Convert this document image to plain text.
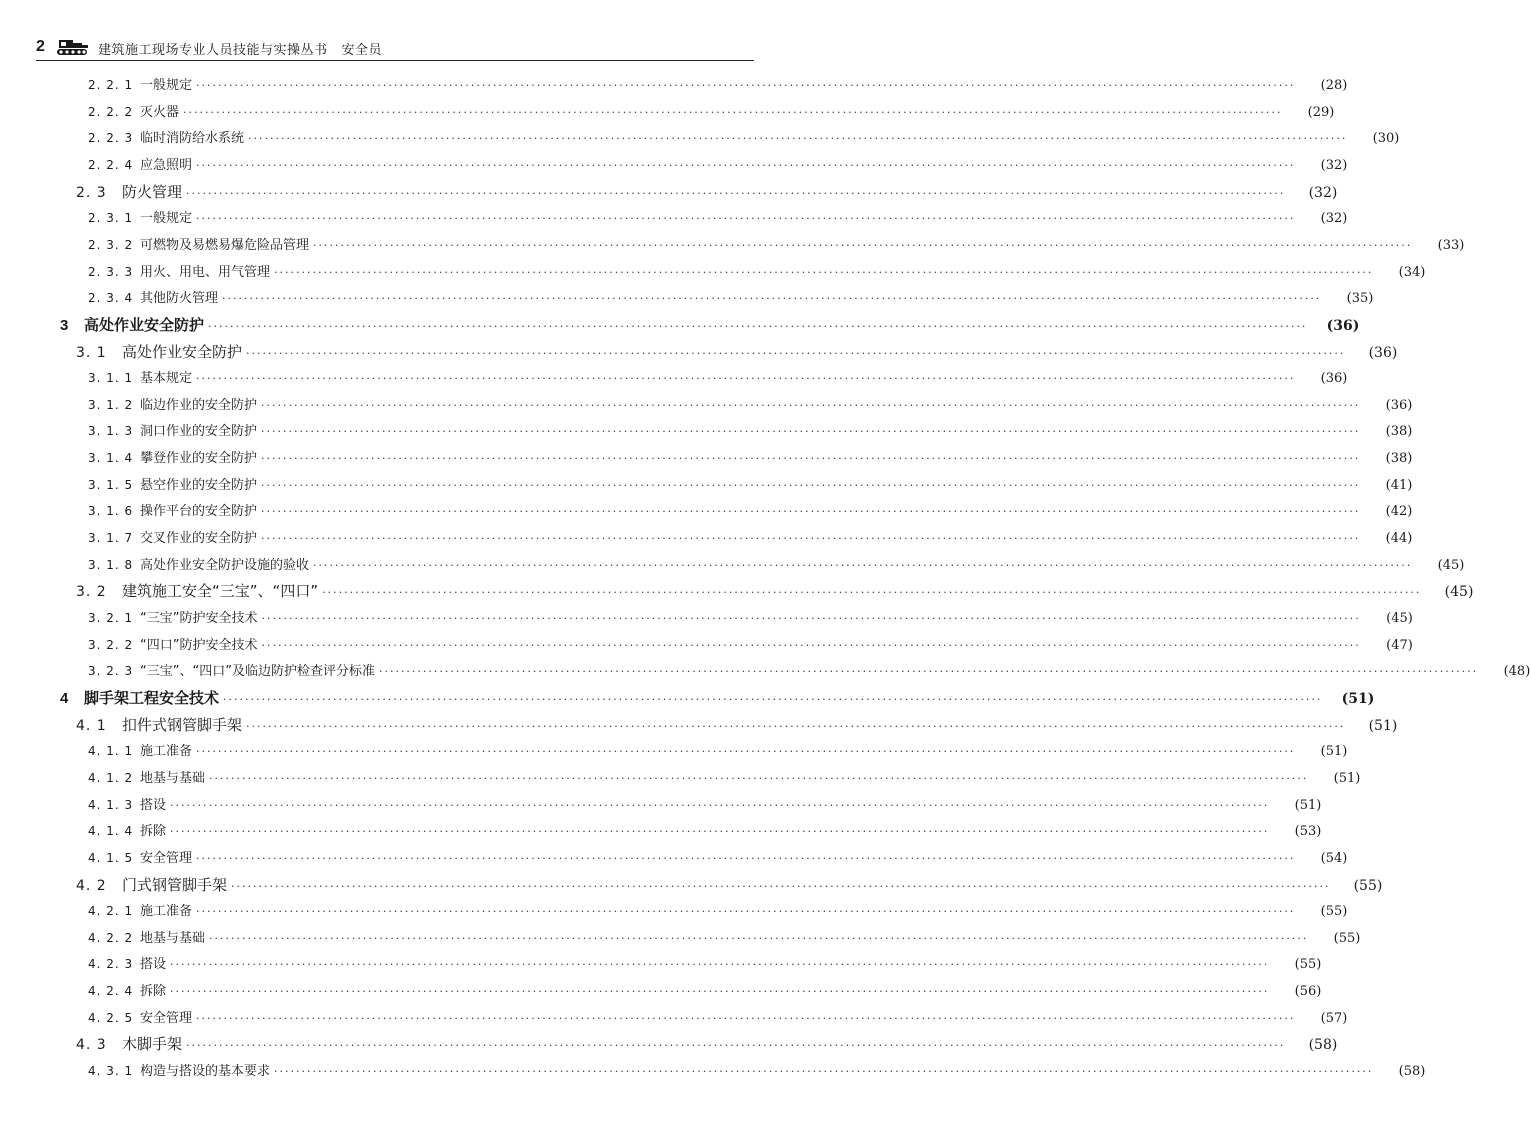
2	建筑施工现场专业人员技能与实操丛书 安全员
2. 2. 1 一般规定 ········································································································································································································	(28)
2. 2. 2 灭火器 ········································································································································································································	(29)
2. 2. 3 临时消防给水系统 ········································································································································································································	(30)
2. 2. 4 应急照明 ········································································································································································································	(32)
2. 3	防火管理 ········································································································································································································	(32)
2. 3. 1 一般规定 ········································································································································································································	(32)
2. 3. 2 可燃物及易燃易爆危险品管理 ········································································································································································································	(33)
2. 3. 3 用火、用电、用气管理 ········································································································································································································	(34)
2. 3. 4 其他防火管理 ········································································································································································································	(35)
3	高处作业安全防护 ········································································································································································································	(36)
3. 1	高处作业安全防护 ········································································································································································································	(36)
3. 1. 1 基本规定 ········································································································································································································	(36)
3. 1. 2 临边作业的安全防护 ········································································································································································································	(36)
3. 1. 3 洞口作业的安全防护 ········································································································································································································	(38)
3. 1. 4 攀登作业的安全防护 ········································································································································································································	(38)
3. 1. 5 悬空作业的安全防护 ········································································································································································································	(41)
3. 1. 6 操作平台的安全防护 ········································································································································································································	(42)
3. 1. 7 交叉作业的安全防护 ········································································································································································································	(44)
3. 1. 8 高处作业安全防护设施的验收 ········································································································································································································	(45)
3. 2	建筑施工安全“三宝”、“四口” ········································································································································································································	(45)
3. 2. 1 “三宝”防护安全技术 ········································································································································································································	(45)
3. 2. 2 “四口”防护安全技术 ········································································································································································································	(47)
3. 2. 3 “三宝”、“四口”及临边防护检查评分标准 ········································································································································································································	(48)
4	脚手架工程安全技术 ········································································································································································································	(51)
4. 1	扣件式钢管脚手架 ········································································································································································································	(51)
4. 1. 1 施工准备 ········································································································································································································	(51)
4. 1. 2 地基与基础 ········································································································································································································	(51)
4. 1. 3 搭设 ········································································································································································································	(51)
4. 1. 4 拆除 ········································································································································································································	(53)
4. 1. 5 安全管理 ········································································································································································································	(54)
4. 2	门式钢管脚手架 ········································································································································································································	(55)
4. 2. 1 施工准备 ········································································································································································································	(55)
4. 2. 2 地基与基础 ········································································································································································································	(55)
4. 2. 3 搭设 ········································································································································································································	(55)
4. 2. 4 拆除 ········································································································································································································	(56)
4. 2. 5 安全管理 ········································································································································································································	(57)
4. 3	木脚手架 ········································································································································································································	(58)
4. 3. 1 构造与搭设的基本要求 ········································································································································································································	(58)
